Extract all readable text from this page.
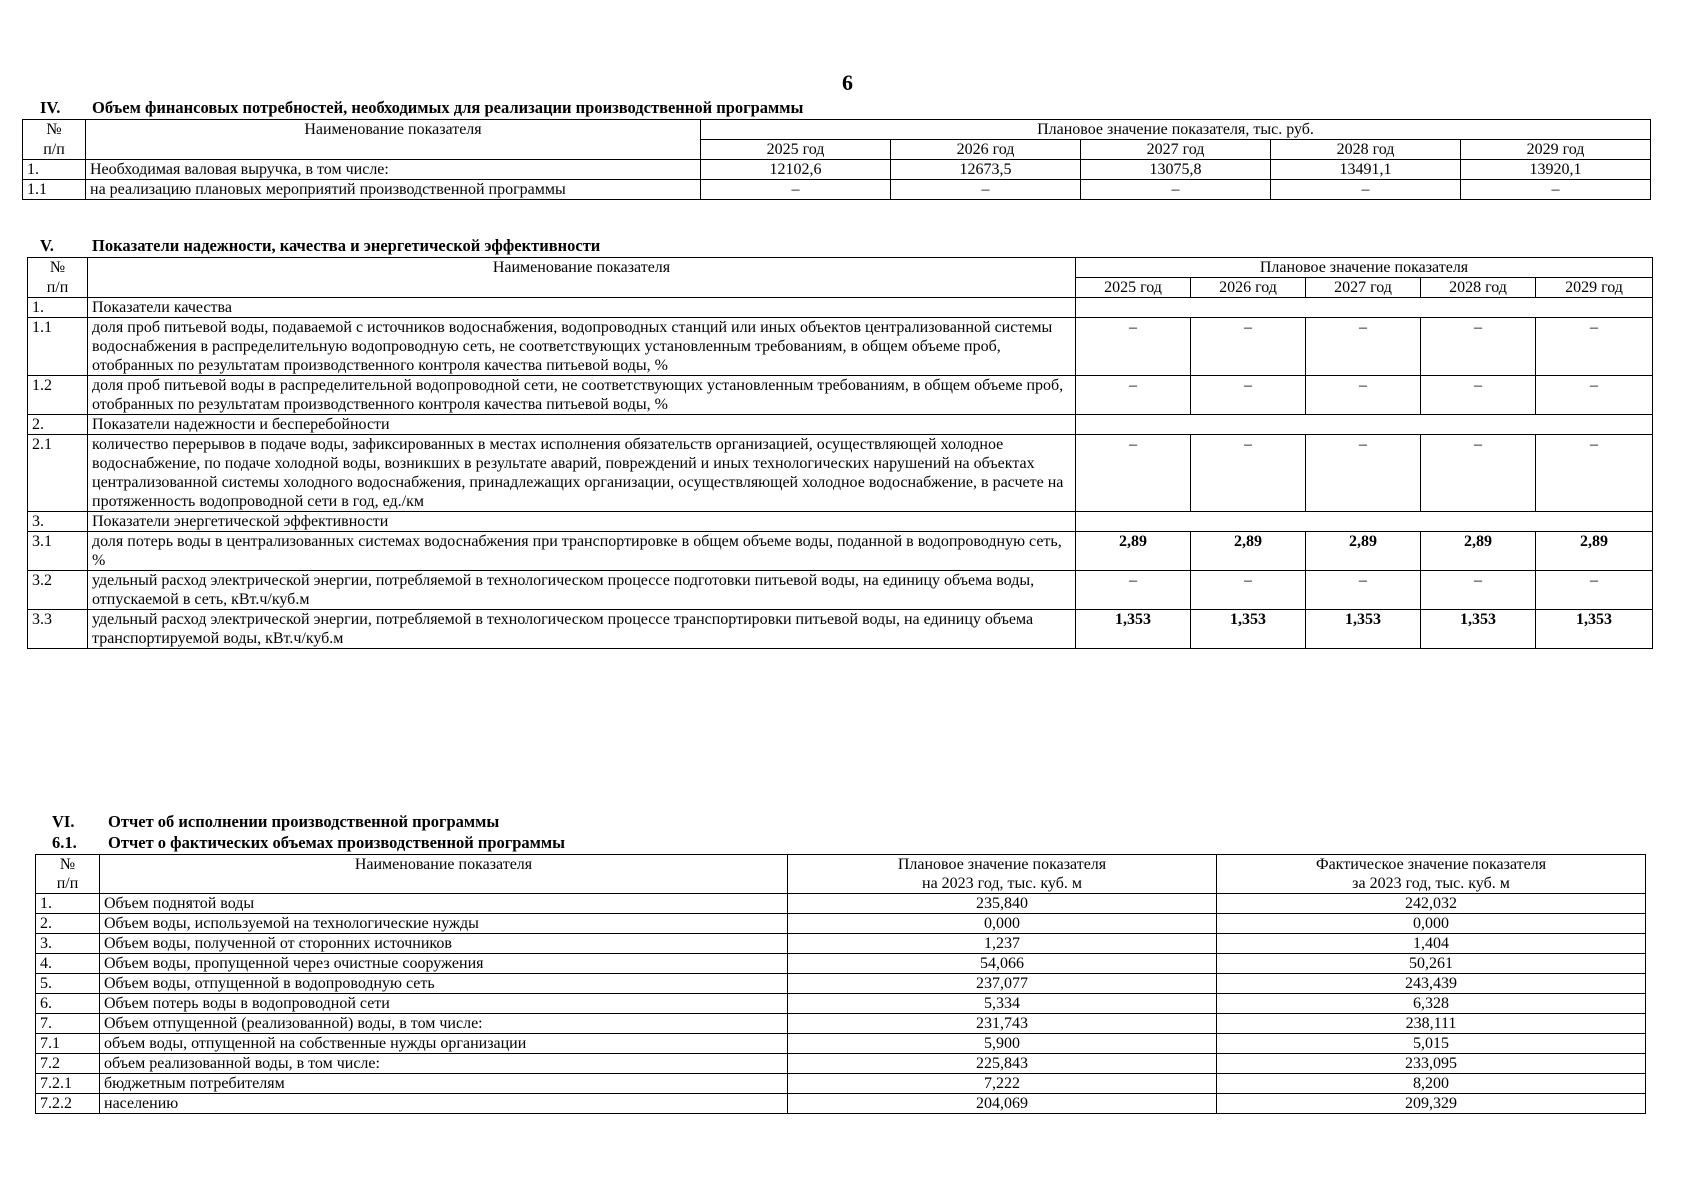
6
IV. Объем финансовых потребностей, необходимых для реализации производственной программы
№	Наименование показателя	Плановое значение показателя, тыс. руб.				
п/п		2025 год	2026 год	2027 год	2028 год	2029 год
1.	Необходимая валовая выручка, в том числе:	12102,6	12673,5	13075,8	13491,1	13920,1
1.1	на реализацию плановых мероприятий производственной программы	–	–	–	–	–
V. Показатели надежности, качества и энергетической эффективности
№	Наименование показателя	Плановое значение показателя				
п/п		2025 год	2026 год	2027 год	2028 год	2029 год
1.	Показатели качества					
1.1	доля проб питьевой воды, подаваемой с источников водоснабжения, водопроводных станций или иных объектов централизованной системы водоснабжения в распределительную водопроводную сеть, не соответствующих установленным требованиям, в общем объеме проб, отобранных по результатам производственного контроля качества питьевой воды, %	–	–	–	–	–
1.2	доля проб питьевой воды в распределительной водопроводной сети, не соответствующих установленным требованиям, в общем объеме проб, отобранных по результатам производственного контроля качества питьевой воды, %	–	–	–	–	–
2.	Показатели надежности и бесперебойности					
2.1	количество перерывов в подаче воды, зафиксированных в местах исполнения обязательств организацией, осуществляющей холодное водоснабжение, по подаче холодной воды, возникших в результате аварий, повреждений и иных технологических нарушений на объектах централизованной системы холодного водоснабжения, принадлежащих организации, осуществляющей холодное водоснабжение, в расчете на протяженность водопроводной сети в год, ед./км	–	–	–	–	–
3.	Показатели энергетической эффективности					
3.1	доля потерь воды в централизованных системах водоснабжения при транспортировке в общем объеме воды, поданной в водопроводную сеть, %	2,89	2,89	2,89	2,89	2,89
3.2	удельный расход электрической энергии, потребляемой в технологическом процессе подготовки питьевой воды, на единицу объема воды, отпускаемой в сеть, кВт.ч/куб.м	–	–	–	–	–
3.3	удельный расход электрической энергии, потребляемой в технологическом процессе транспортировки питьевой воды, на единицу объема транспортируемой воды, кВт.ч/куб.м	1,353	1,353	1,353	1,353	1,353
VI. Отчет об исполнении производственной программы
6.1. Отчет о фактических объемах производственной программы
№	Наименование показателя	Плановое значение показателя	Фактическое значение показателя
п/п		на 2023 год, тыс. куб. м	за 2023 год, тыс. куб. м
1.	Объем поднятой воды	235,840	242,032
2.	Объем воды, используемой на технологические нужды	0,000	0,000
3.	Объем воды, полученной от сторонних источников	1,237	1,404
4.	Объем воды, пропущенной через очистные сооружения	54,066	50,261
5.	Объем воды, отпущенной в водопроводную сеть	237,077	243,439
6.	Объем потерь воды в водопроводной сети	5,334	6,328
7.	Объем отпущенной (реализованной) воды, в том числе:	231,743	238,111
7.1	объем воды, отпущенной на собственные нужды организации	5,900	5,015
7.2	объем реализованной воды, в том числе:	225,843	233,095
7.2.1	бюджетным потребителям	7,222	8,200
7.2.2	населению	204,069	209,329
